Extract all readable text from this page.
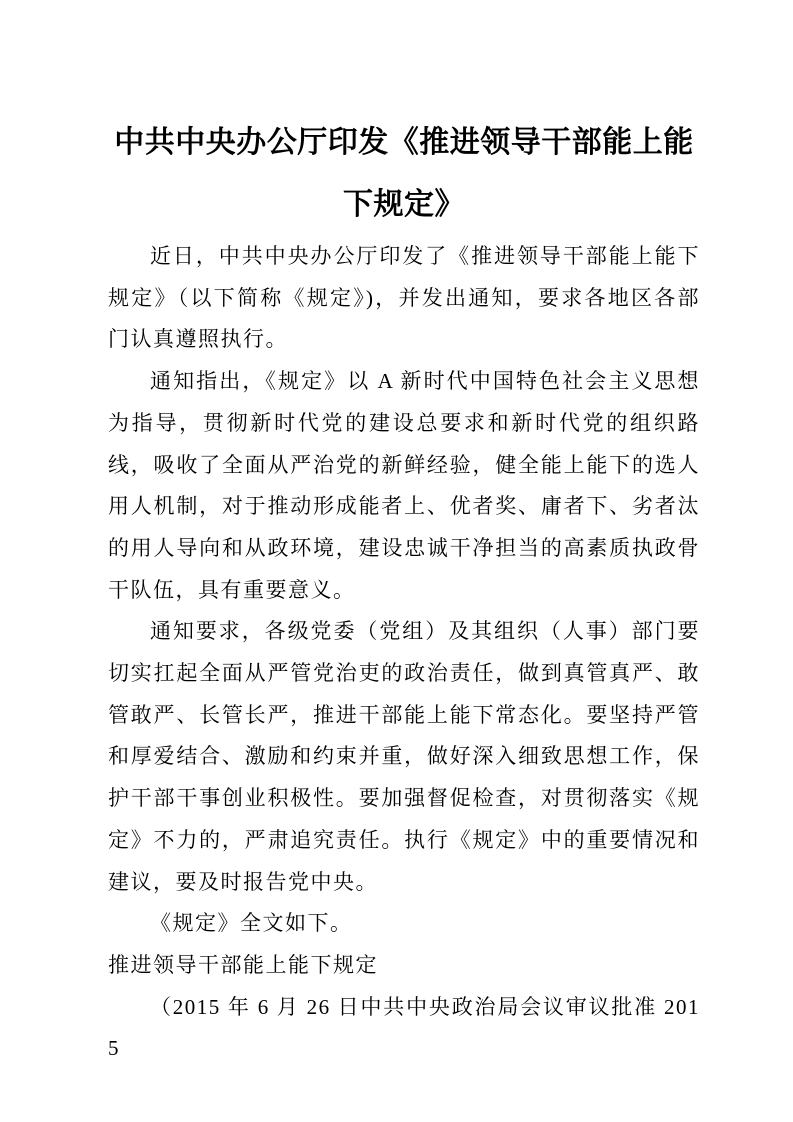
中共中央办公厅印发《推进领导干部能上能下规定》

近日，中共中央办公厅印发了《推进领导干部能上能下规定》（以下简称《规定》)，并发出通知，要求各地区各部门认真遵照执行。

通知指出，《规定》以 A 新时代中国特色社会主义思想为指导，贯彻新时代党的建设总要求和新时代党的组织路线，吸收了全面从严治党的新鲜经验，健全能上能下的选人用人机制，对于推动形成能者上、优者奖、庸者下、劣者汰的用人导向和从政环境，建设忠诚干净担当的高素质执政骨干队伍，具有重要意义。

通知要求，各级党委（党组）及其组织（人事）部门要切实扛起全面从严管党治吏的政治责任，做到真管真严、敢管敢严、长管长严，推进干部能上能下常态化。要坚持严管和厚爱结合、激励和约束并重，做好深入细致思想工作，保护干部干事创业积极性。要加强督促检查，对贯彻落实《规定》不力的，严肃追究责任。执行《规定》中的重要情况和建议，要及时报告党中央。

《规定》全文如下。

推进领导干部能上能下规定

（2015 年 6 月 26 日中共中央政治局会议审议批准 2015
